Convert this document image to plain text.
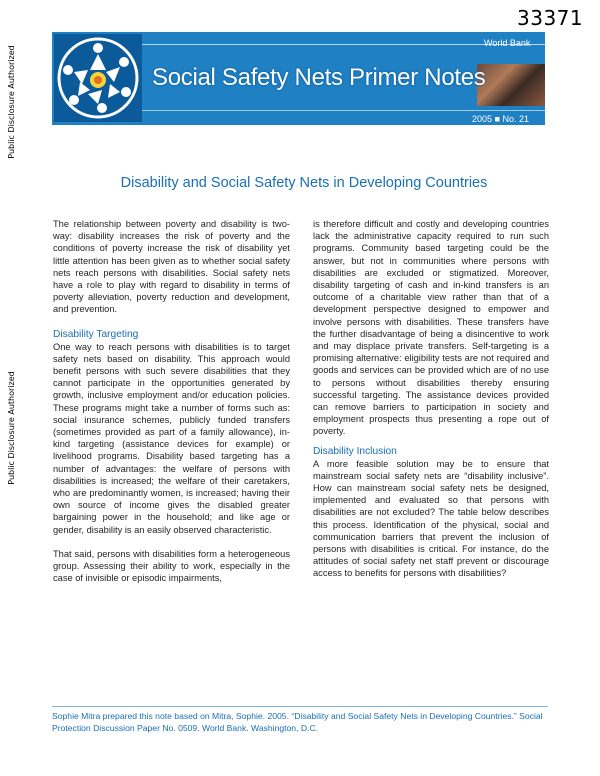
33371
Public Disclosure Authorized
Public Disclosure Authorized
World Bank
Social Safety Nets Primer Notes
2005 ■ No. 21
Disability and Social Safety Nets in Developing Countries

The relationship between poverty and disability is two-way: disability increases the risk of poverty and the conditions of poverty increase the risk of disability yet little attention has been given as to whether social safety nets reach persons with disabilities. Social safety nets have a role to play with regard to disability in terms of poverty alleviation, poverty reduction and development, and prevention.

Disability Targeting

One way to reach persons with disabilities is to target safety nets based on disability. This approach would benefit persons with such severe disabilities that they cannot participate in the opportunities generated by growth, inclusive employment and/or education policies. These programs might take a number of forms such as: social insurance schemes, publicly funded transfers (sometimes provided as part of a family allowance), in-kind targeting (assistance devices for example) or livelihood programs. Disability based targeting has a number of advantages: the welfare of persons with disabilities is increased; the welfare of their caretakers, who are predominantly women, is increased; having their own source of income gives the disabled greater bargaining power in the household; and like age or gender, disability is an easily observed characteristic.

That said, persons with disabilities form a heterogeneous group. Assessing their ability to work, especially in the case of invisible or episodic impairments,

is therefore difficult and costly and developing countries lack the administrative capacity required to run such programs. Community based targeting could be the answer, but not in communities where persons with disabilities are excluded or stigmatized. Moreover, disability targeting of cash and in-kind transfers is an outcome of a charitable view rather than that of a development perspective designed to empower and involve persons with disabilities. These transfers have the further disadvantage of being a disincentive to work and may displace private transfers. Self-targeting is a promising alternative: eligibility tests are not required and goods and services can be provided which are of no use to persons without disabilities thereby ensuring successful targeting. The assistance devices provided can remove barriers to participation in society and employment prospects thus presenting a rope out of poverty.

Disability Inclusion

A more feasible solution may be to ensure that mainstream social safety nets are “disability inclusive”. How can mainstream social safety nets be designed, implemented and evaluated so that persons with disabilities are not excluded? The table below describes this process. Identification of the physical, social and communication barriers that prevent the inclusion of persons with disabilities is critical. For instance, do the attitudes of social safety net staff prevent or discourage access to benefits for persons with disabilities?

Sophie Mitra prepared this note based on Mitra, Sophie. 2005. “Disability and Social Safety Nets in Developing Countries.” Social Protection Discussion Paper No. 0509. World Bank. Washington, D.C.
